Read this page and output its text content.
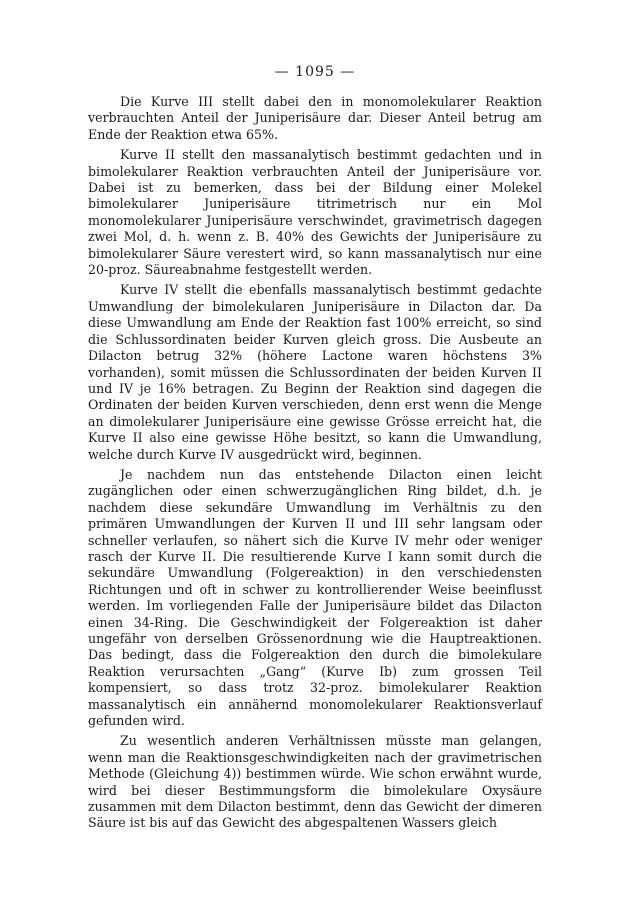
— 1095 —

Die Kurve III stellt dabei den in monomolekularer Reaktion verbrauchten Anteil der Juniperisäure dar. Dieser Anteil betrug am Ende der Reaktion etwa 65%.

Kurve II stellt den massanalytisch bestimmt gedachten und in bimolekularer Reaktion verbrauchten Anteil der Juniperisäure vor. Dabei ist zu bemerken, dass bei der Bildung einer Molekel bimolekularer Juniperisäure titrimetrisch nur ein Mol monomolekularer Juniperisäure verschwindet, gravimetrisch dagegen zwei Mol, d. h. wenn z. B. 40% des Gewichts der Juniperisäure zu bimolekularer Säure verestert wird, so kann massanalytisch nur eine 20-proz. Säureabnahme festgestellt werden.

Kurve IV stellt die ebenfalls massanalytisch bestimmt gedachte Umwandlung der bimolekularen Juniperisäure in Dilacton dar. Da diese Umwandlung am Ende der Reaktion fast 100% erreicht, so sind die Schlussordinaten beider Kurven gleich gross. Die Ausbeute an Dilacton betrug 32% (höhere Lactone waren höchstens 3% vorhanden), somit müssen die Schlussordinaten der beiden Kurven II und IV je 16% betragen. Zu Beginn der Reaktion sind dagegen die Ordinaten der beiden Kurven verschieden, denn erst wenn die Menge an dimolekularer Juniperisäure eine gewisse Grösse erreicht hat, die Kurve II also eine gewisse Höhe besitzt, so kann die Umwandlung, welche durch Kurve IV ausgedrückt wird, beginnen.

Je nachdem nun das entstehende Dilacton einen leicht zugänglichen oder einen schwerzugänglichen Ring bildet, d.h. je nachdem diese sekundäre Umwandlung im Verhältnis zu den primären Umwandlungen der Kurven II und III sehr langsam oder schneller verlaufen, so nähert sich die Kurve IV mehr oder weniger rasch der Kurve II. Die resultierende Kurve I kann somit durch die sekundäre Umwandlung (Folgereaktion) in den verschiedensten Richtungen und oft in schwer zu kontrollierender Weise beeinflusst werden. Im vorliegenden Falle der Juniperisäure bildet das Dilacton einen 34-Ring. Die Geschwindigkeit der Folgereaktion ist daher ungefähr von derselben Grössenordnung wie die Hauptreaktionen. Das bedingt, dass die Folgereaktion den durch die bimolekulare Reaktion verursachten „Gang“ (Kurve Ib) zum grossen Teil kompensiert, so dass trotz 32-proz. bimolekularer Reaktion massanalytisch ein annähernd monomolekularer Reaktionsverlauf gefunden wird.

Zu wesentlich anderen Verhältnissen müsste man gelangen, wenn man die Reaktionsgeschwindigkeiten nach der gravimetrischen Methode (Gleichung 4)) bestimmen würde. Wie schon erwähnt wurde, wird bei dieser Bestimmungsform die bimolekulare Oxysäure zusammen mit dem Dilacton bestimmt, denn das Gewicht der dimeren Säure ist bis auf das Gewicht des abgespaltenen Wassers gleich
